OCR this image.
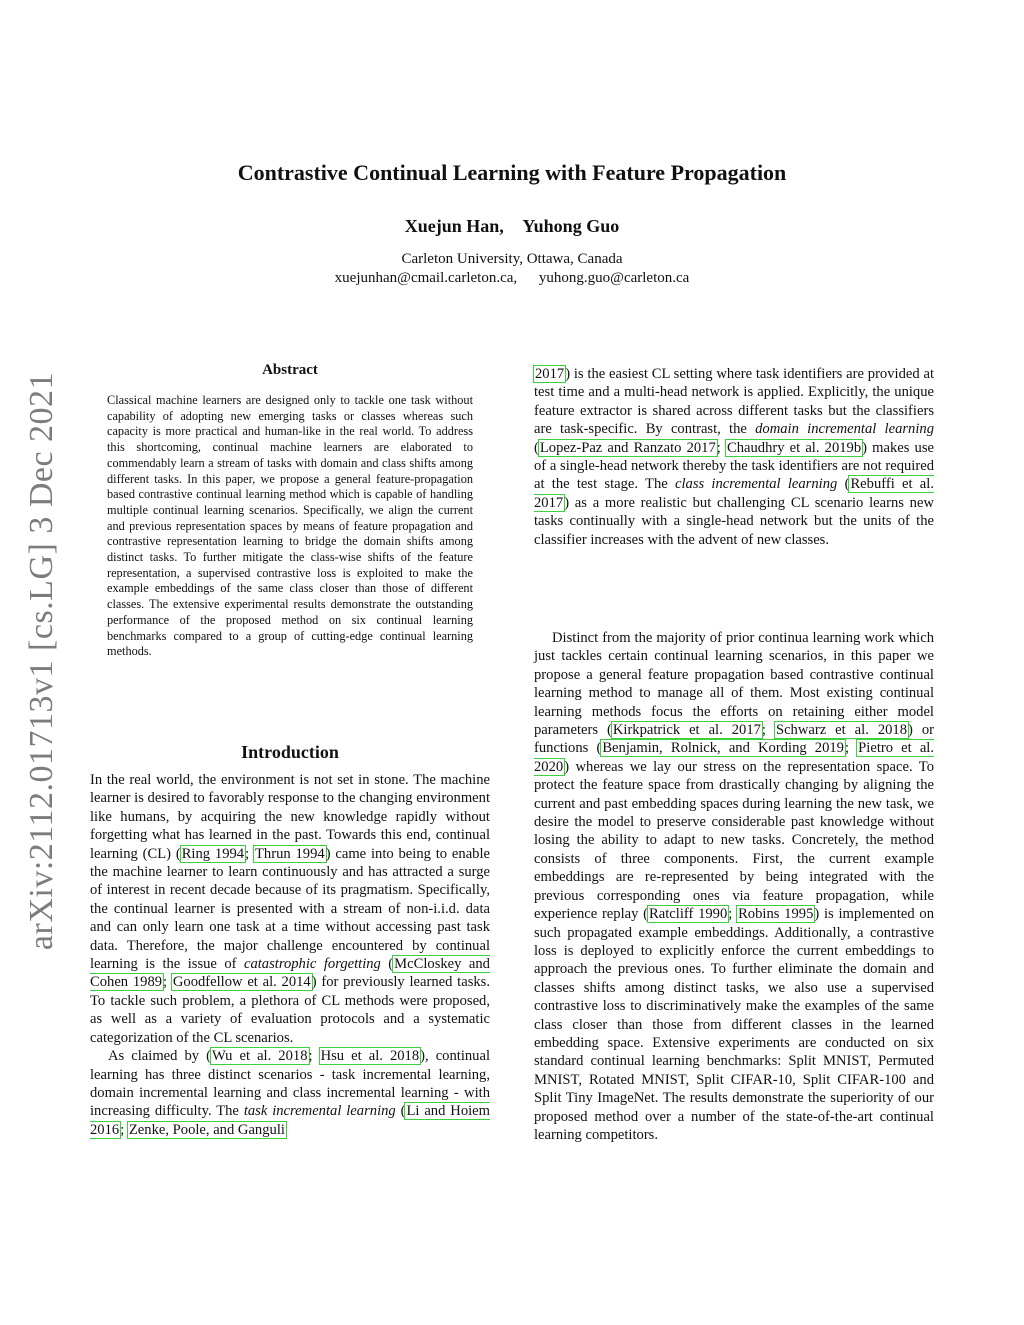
Contrastive Continual Learning with Feature Propagation
Xuejun Han, Yuhong Guo
Carleton University, Ottawa, Canada
xuejunhan@cmail.carleton.ca, yuhong.guo@carleton.ca
arXiv:2112.01713v1 [cs.LG] 3 Dec 2021
Abstract

Classical machine learners are designed only to tackle one task without capability of adopting new emerging tasks or classes whereas such capacity is more practical and human-like in the real world. To address this shortcoming, continual machine learners are elaborated to commendably learn a stream of tasks with domain and class shifts among different tasks. In this paper, we propose a general feature-propagation based contrastive continual learning method which is capable of handling multiple continual learning scenarios. Specifically, we align the current and previous representation spaces by means of feature propagation and contrastive representation learning to bridge the domain shifts among distinct tasks. To further mitigate the class-wise shifts of the feature representation, a supervised contrastive loss is exploited to make the example embeddings of the same class closer than those of different classes. The extensive experimental results demonstrate the outstanding performance of the proposed method on six continual learning benchmarks compared to a group of cutting-edge continual learning methods.

Introduction

In the real world, the environment is not set in stone. The machine learner is desired to favorably response to the changing environment like humans, by acquiring the new knowledge rapidly without forgetting what has learned in the past. Towards this end, continual learning (CL) (Ring 1994; Thrun 1994) came into being to enable the machine learner to learn continuously and has attracted a surge of interest in recent decade because of its pragmatism. Specifically, the continual learner is presented with a stream of non-i.i.d. data and can only learn one task at a time without accessing past task data. Therefore, the major challenge encountered by continual learning is the issue of catastrophic forgetting (McCloskey and Cohen 1989; Goodfellow et al. 2014) for previously learned tasks. To tackle such problem, a plethora of CL methods were proposed, as well as a variety of evaluation protocols and a systematic categorization of the CL scenarios.

As claimed by (Wu et al. 2018; Hsu et al. 2018), continual learning has three distinct scenarios - task incremental learning, domain incremental learning and class incremental learning - with increasing difficulty. The task incremental learning (Li and Hoiem 2016; Zenke, Poole, and Ganguli

2017) is the easiest CL setting where task identifiers are provided at test time and a multi-head network is applied. Explicitly, the unique feature extractor is shared across different tasks but the classifiers are task-specific. By contrast, the domain incremental learning (Lopez-Paz and Ranzato 2017; Chaudhry et al. 2019b) makes use of a single-head network thereby the task identifiers are not required at the test stage. The class incremental learning (Rebuffi et al. 2017) as a more realistic but challenging CL scenario learns new tasks continually with a single-head network but the units of the classifier increases with the advent of new classes.

Distinct from the majority of prior continua learning work which just tackles certain continual learning scenarios, in this paper we propose a general feature propagation based contrastive continual learning method to manage all of them. Most existing continual learning methods focus the efforts on retaining either model parameters (Kirkpatrick et al. 2017; Schwarz et al. 2018) or functions (Benjamin, Rolnick, and Kording 2019; Pietro et al. 2020) whereas we lay our stress on the representation space. To protect the feature space from drastically changing by aligning the current and past embedding spaces during learning the new task, we desire the model to preserve considerable past knowledge without losing the ability to adapt to new tasks. Concretely, the method consists of three components. First, the current example embeddings are re-represented by being integrated with the previous corresponding ones via feature propagation, while experience replay (Ratcliff 1990; Robins 1995) is implemented on such propagated example embeddings. Additionally, a contrastive loss is deployed to explicitly enforce the current embeddings to approach the previous ones. To further eliminate the domain and classes shifts among distinct tasks, we also use a supervised contrastive loss to discriminatively make the examples of the same class closer than those from different classes in the learned embedding space. Extensive experiments are conducted on six standard continual learning benchmarks: Split MNIST, Permuted MNIST, Rotated MNIST, Split CIFAR-10, Split CIFAR-100 and Split Tiny ImageNet. The results demonstrate the superiority of our proposed method over a number of the state-of-the-art continual learning competitors.
